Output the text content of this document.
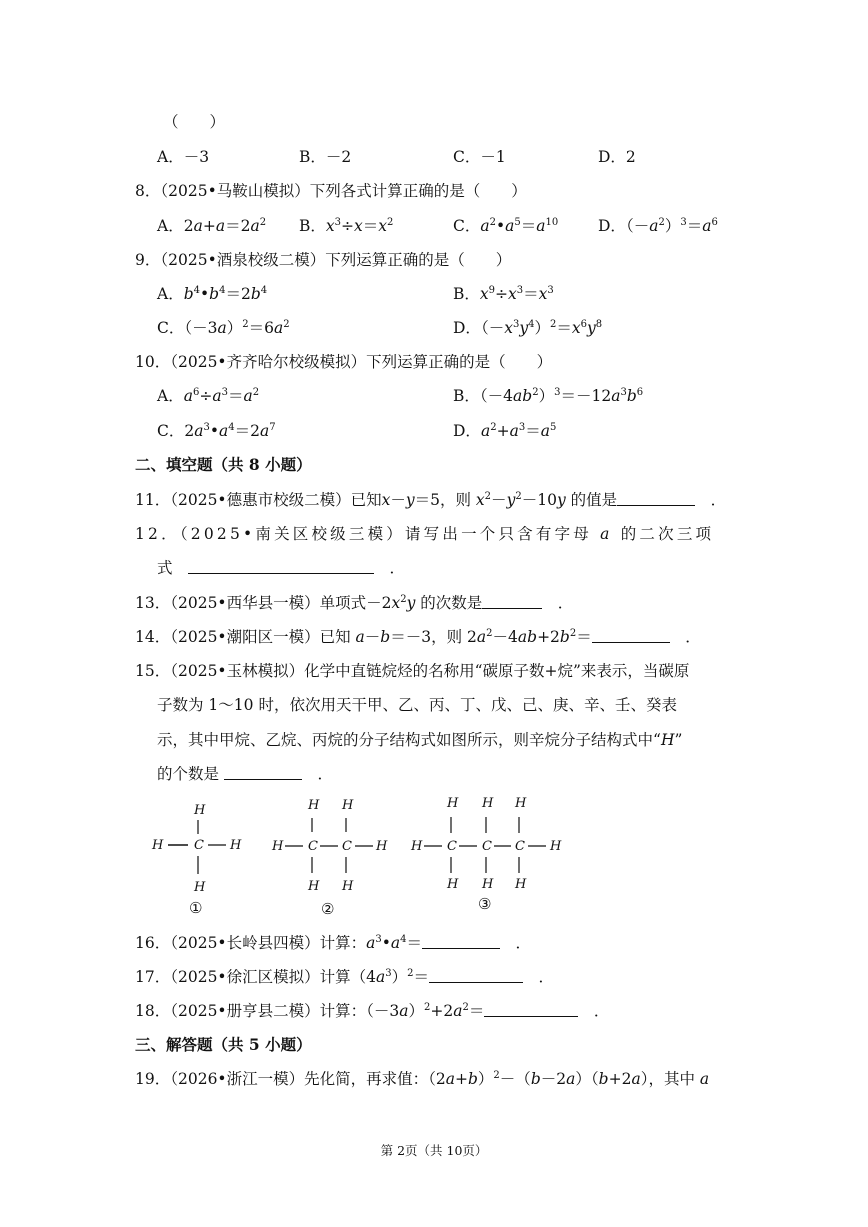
（　　）
A．－3	B．－2	C．－1	D．2
8．（2025•马鞍山模拟）下列各式计算正确的是（　　）
A．$2a+a=2a^2$ B．$x^3\div x=x^2$	C．$a^2•a^5=a^{10}$	D．$(-a^2)^3=a^6$
9．（2025•酒泉校级二模）下列运算正确的是（　　）
A．$b^4•b^4=2b^4$	B．$x^9\div x^3=x^3$
C．$(-3a)^2=6a^2$	D．$(-x^3y^4)^2=x^6y^8$
10．（2025•齐齐哈尔校级模拟）下列运算正确的是（　　）
A．$a^6\div a^3=a^2$	B．$(-4ab^2)^3=-12a^3b^6$
C．$2a^3•a^4=2a^7$	D．$a^2+a^3=a^5$
二、填空题（共 8 小题）
11．（2025•德惠市校级二模）已知x－y＝5，则 $x^2-y^2-10y$ 的值是	　．
12．（2025•南关区校级三模）请写出一个只含有字母 a 的二次三项
式　	　．
13．（2025•西华县一模）单项式$-2x^2y$ 的次数是	　．
14．（2025•潮阳区一模）已知 a－b＝－3，则 $2a^2-4ab+2b^2=$	　．
15．（2025•玉林模拟）化学中直链烷烃的名称用“碳原子数+烷”来表示，当碳原
子数为 1～10 时，依次用天干甲、乙、丙、丁、戊、己、庚、辛、壬、癸表
示，其中甲烷、乙烷、丙烷的分子结构式如图所示，则辛烷分子结构式中“H”
的个数是	　．
H
H C H
H
H H
H C C H
H H
H H H
H C C C H
H H H
①	②	③
16．（2025•长岭县四模）计算：$a^3•a^4=$	　．
17．（2025•徐汇区模拟）计算$(4a^3)^2=$	　．
18．（2025•册亨县二模）计算：$(-3a)^2+2a^2=$	　．
三、解答题（共 5 小题）
19．（2026•浙江一模）先化简，再求值：$(2a+b)^2-(b-2a)(b+2a)$，其中 a
第 2页（共 10页）
